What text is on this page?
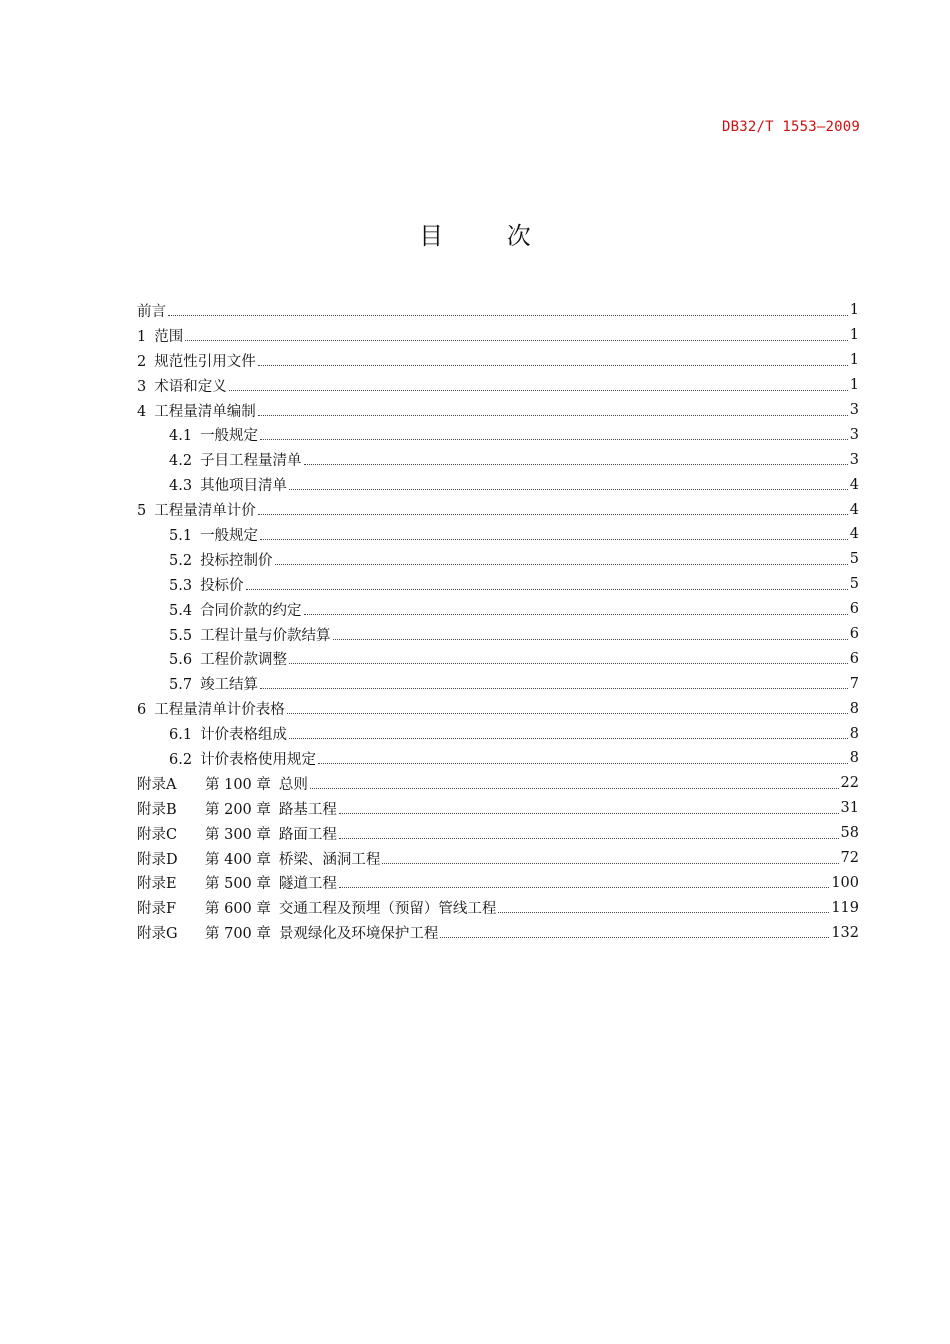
DB32/T 1553—2009
目 次
前言	1
1 范围	1
2 规范性引用文件	1
3 术语和定义	1
4 工程量清单编制	3
4.1 一般规定	3
4.2 子目工程量清单	3
4.3 其他项目清单	4
5 工程量清单计价	4
5.1 一般规定	4
5.2 投标控制价	5
5.3 投标价	5
5.4 合同价款的约定	6
5.5 工程计量与价款结算	6
5.6 工程价款调整	6
5.7 竣工结算	7
6 工程量清单计价表格	8
6.1 计价表格组成	8
6.2 计价表格使用规定	8
附录A 第 100 章 总则	22
附录B 第 200 章 路基工程	31
附录C 第 300 章 路面工程	58
附录D 第 400 章 桥梁、涵洞工程	72
附录E 第 500 章 隧道工程	100
附录F 第 600 章 交通工程及预埋（预留）管线工程	119
附录G 第 700 章 景观绿化及环境保护工程	132
